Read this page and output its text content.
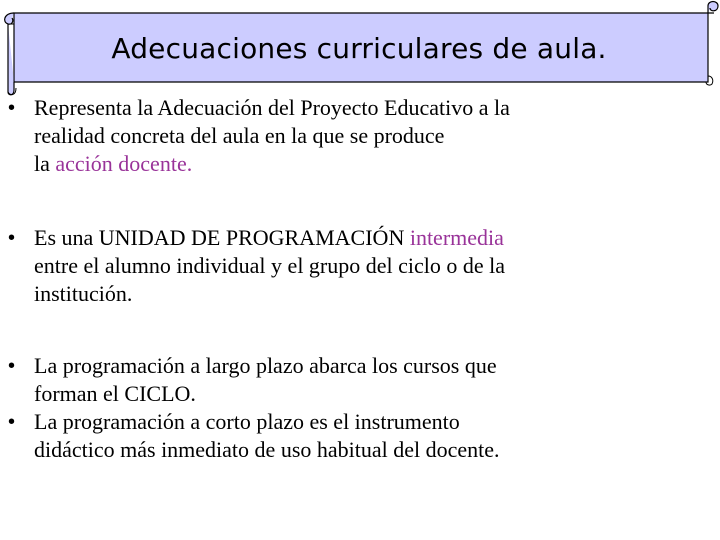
Adecuaciones curriculares de aula.
• Representa la Adecuación del Proyecto Educativo a la
realidad concreta del aula en la que se produce
la acción docente.
• Es una UNIDAD DE PROGRAMACIÓN intermedia
entre el alumno individual y el grupo del ciclo o de la
institución.
• La programación a largo plazo abarca los cursos que
forman el CICLO.
• La programación a corto plazo es el instrumento
didáctico más inmediato de uso habitual del docente.
